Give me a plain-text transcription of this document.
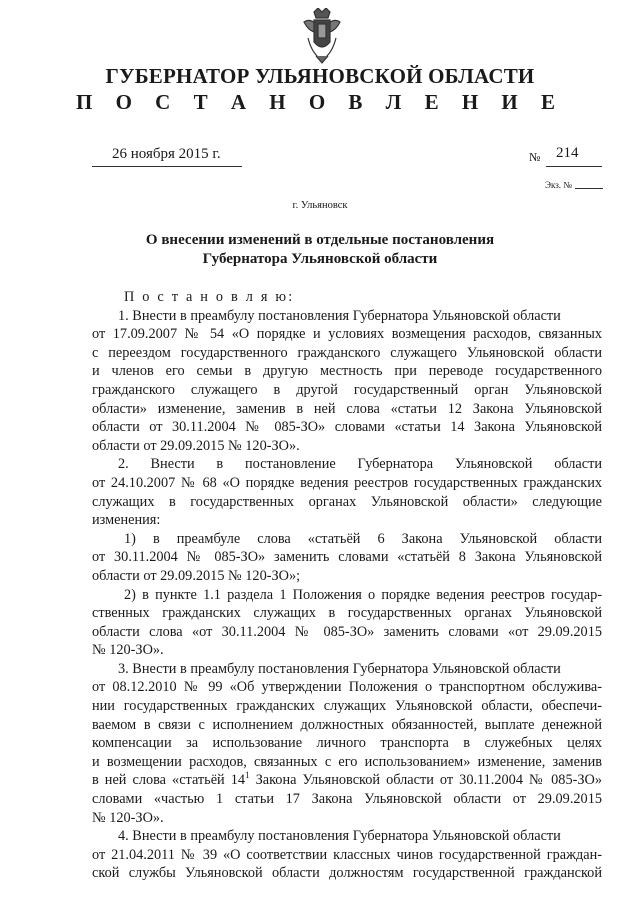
ГУБЕРНАТОР УЛЬЯНОВСКОЙ ОБЛАСТИ
П О С Т А Н О В Л Е Н И Е
26 ноября 2015 г.	№ 214
Экз. №
г. Ульяновск
О внесении изменений в отдельные постановления
Губернатора Ульяновской области
П о с т а н о в л я ю:
1. Внести в преамбулу постановления Губернатора Ульяновской области
от 17.09.2007 № 54 «О порядке и условиях возмещения расходов, связанных
с переездом государственного гражданского служащего Ульяновской области
и членов его семьи в другую местность при переводе государственного
гражданского служащего в другой государственный орган Ульяновской
области» изменение, заменив в ней слова «статьи 12 Закона Ульяновской
области от 30.11.2004 № 085-ЗО» словами «статьи 14 Закона Ульяновской
области от 29.09.2015 № 120-ЗО».
2. Внести в постановление Губернатора Ульяновской области
от 24.10.2007 № 68 «О порядке ведения реестров государственных гражданских
служащих в государственных органах Ульяновской области» следующие
изменения:
1) в преамбуле слова «статьёй 6 Закона Ульяновской области
от 30.11.2004 № 085-ЗО» заменить словами «статьёй 8 Закона Ульяновской
области от 29.09.2015 № 120-ЗО»;
2) в пункте 1.1 раздела 1 Положения о порядке ведения реестров государ-
ственных гражданских служащих в государственных органах Ульяновской
области слова «от 30.11.2004 № 085-ЗО» заменить словами «от 29.09.2015
№ 120-ЗО».
3. Внести в преамбулу постановления Губернатора Ульяновской области
от 08.12.2010 № 99 «Об утверждении Положения о транспортном обслужива-
нии государственных гражданских служащих Ульяновской области, обеспечи-
ваемом в связи с исполнением должностных обязанностей, выплате денежной
компенсации за использование личного транспорта в служебных целях
и возмещении расходов, связанных с его использованием» изменение, заменив
в ней слова «статьёй $14^1$ Закона Ульяновской области от 30.11.2004 № 085-ЗО»
словами «частью 1 статьи 17 Закона Ульяновской области от 29.09.2015
№ 120-ЗО».
4. Внести в преамбулу постановления Губернатора Ульяновской области
от 21.04.2011 № 39 «О соответствии классных чинов государственной граждан-
ской службы Ульяновской области должностям государственной гражданской
